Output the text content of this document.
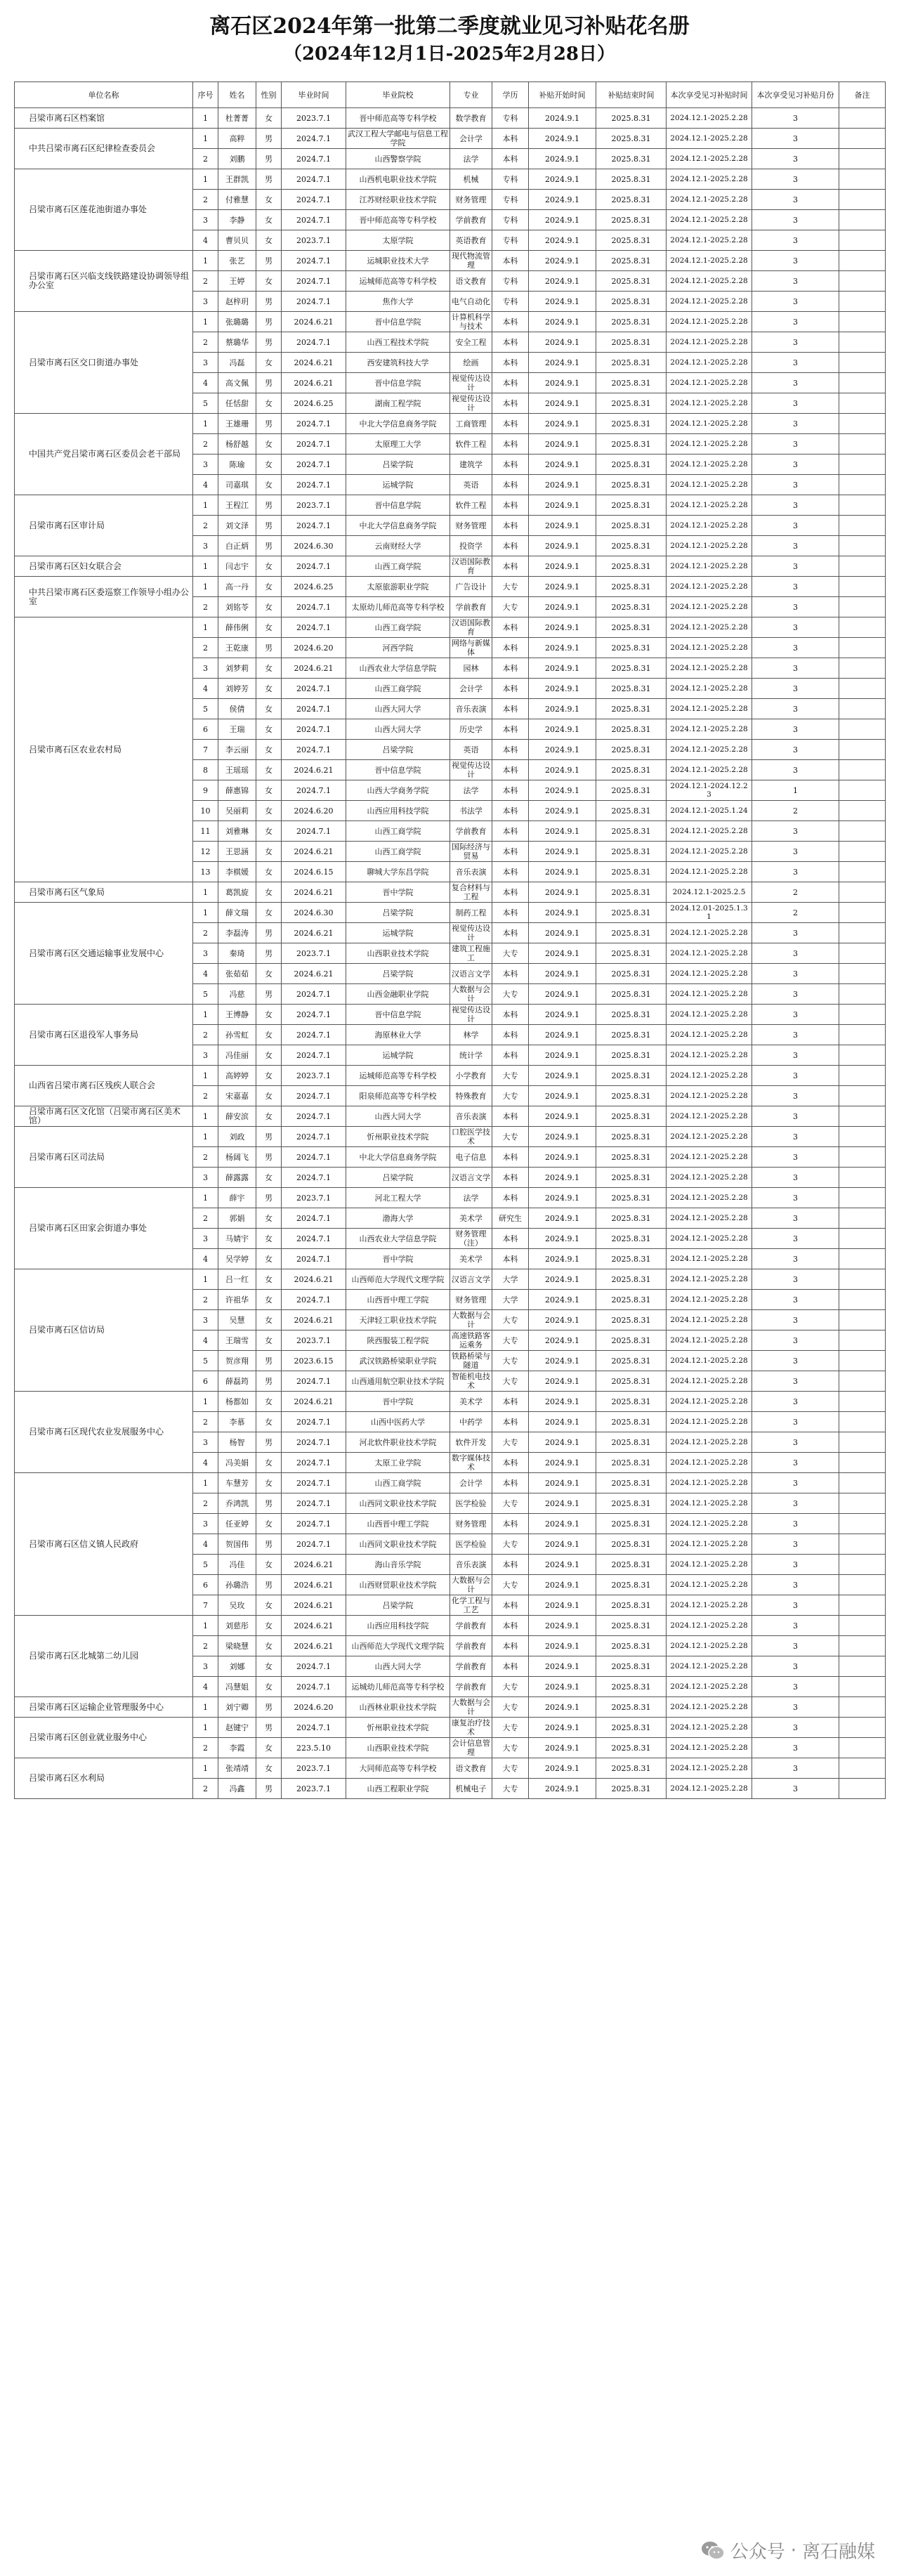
离石区2024年第一批第二季度就业见习补贴花名册
（2024年12月1日-2025年2月28日）
单位名称	序号	姓名	性别	毕业时间	毕业院校	专业	学历	补贴开始时间	补贴结束时间	本次享受见习补贴时间	本次享受见习补贴月份	备注
吕梁市离石区档案馆	1	杜菁菁	女	2023.7.1	晋中师范高等专科学校	数学教育	专科	2024.9.1	2025.8.31	2024.12.1-2025.2.28	3	
中共吕梁市离石区纪律检查委员会	1	高粹	男	2024.7.1	武汉工程大学邮电与信息工程学院	会计学	本科	2024.9.1	2025.8.31	2024.12.1-2025.2.28	3	
	2	刘鹏	男	2024.7.1	山西警察学院	法学	本科	2024.9.1	2025.8.31	2024.12.1-2025.2.28	3	
吕梁市离石区莲花池街道办事处	1	王群凯	男	2024.7.1	山西机电职业技术学院	机械	专科	2024.9.1	2025.8.31	2024.12.1-2025.2.28	3	
	2	付雅慧	女	2024.7.1	江苏财经职业技术学院	财务管理	专科	2024.9.1	2025.8.31	2024.12.1-2025.2.28	3	
	3	李静	女	2024.7.1	晋中师范高等专科学校	学前教育	专科	2024.9.1	2025.8.31	2024.12.1-2025.2.28	3	
	4	曹贝贝	女	2023.7.1	太原学院	英语教育	专科	2024.9.1	2025.8.31	2024.12.1-2025.2.28	3	
吕梁市离石区兴临支线铁路建设协调领导组办公室	1	张艺	男	2024.7.1	运城职业技术大学	现代物流管理	本科	2024.9.1	2025.8.31	2024.12.1-2025.2.28	3	
	2	王婷	女	2024.7.1	运城师范高等专科学校	语文教育	专科	2024.9.1	2025.8.31	2024.12.1-2025.2.28	3	
	3	赵梓玥	男	2024.7.1	焦作大学	电气自动化	专科	2024.9.1	2025.8.31	2024.12.1-2025.2.28	3	
吕梁市离石区交口街道办事处	1	张璐璐	男	2024.6.21	晋中信息学院	计算机科学与技术	本科	2024.9.1	2025.8.31	2024.12.1-2025.2.28	3	
	2	蔡璐华	男	2024.7.1	山西工程技术学院	安全工程	本科	2024.9.1	2025.8.31	2024.12.1-2025.2.28	3	
	3	冯磊	女	2024.6.21	西安建筑科技大学	绘画	本科	2024.9.1	2025.8.31	2024.12.1-2025.2.28	3	
	4	高文佩	男	2024.6.21	晋中信息学院	视觉传达设计	本科	2024.9.1	2025.8.31	2024.12.1-2025.2.28	3	
	5	任恬甜	女	2024.6.25	湖南工程学院	视觉传达设计	本科	2024.9.1	2025.8.31	2024.12.1-2025.2.28	3	
中国共产党吕梁市离石区委员会老干部局	1	王雄珊	男	2024.7.1	中北大学信息商务学院	工商管理	本科	2024.9.1	2025.8.31	2024.12.1-2025.2.28	3	
	2	杨舒越	女	2024.7.1	太原理工大学	软件工程	本科	2024.9.1	2025.8.31	2024.12.1-2025.2.28	3	
	3	陈瑜	女	2024.7.1	吕梁学院	建筑学	本科	2024.9.1	2025.8.31	2024.12.1-2025.2.28	3	
	4	司嘉琪	女	2024.7.1	运城学院	英语	本科	2024.9.1	2025.8.31	2024.12.1-2025.2.28	3	
吕梁市离石区审计局	1	王程江	男	2023.7.1	晋中信息学院	软件工程	本科	2024.9.1	2025.8.31	2024.12.1-2025.2.28	3	
	2	刘文泽	男	2024.7.1	中北大学信息商务学院	财务管理	本科	2024.9.1	2025.8.31	2024.12.1-2025.2.28	3	
	3	白正炳	男	2024.6.30	云南财经大学	投资学	本科	2024.9.1	2025.8.31	2024.12.1-2025.2.28	3	
吕梁市离石区妇女联合会	1	闫志宇	女	2024.7.1	山西工商学院	汉语国际教育	本科	2024.9.1	2025.8.31	2024.12.1-2025.2.28	3	
中共吕梁市离石区委巡察工作领导小组办公室	1	高一丹	女	2024.6.25	太原旅游职业学院	广告设计	大专	2024.9.1	2025.8.31	2024.12.1-2025.2.28	3	
	2	刘铭苓	女	2024.7.1	太原幼儿师范高等专科学校	学前教育	大专	2024.9.1	2025.8.31	2024.12.1-2025.2.28	3	
吕梁市离石区农业农村局	1	薛伟俐	女	2024.7.1	山西工商学院	汉语国际教育	本科	2024.9.1	2025.8.31	2024.12.1-2025.2.28	3	
	2	王乾康	男	2024.6.20	河西学院	网络与新媒体	本科	2024.9.1	2025.8.31	2024.12.1-2025.2.28	3	
	3	刘梦莉	女	2024.6.21	山西农业大学信息学院	园林	本科	2024.9.1	2025.8.31	2024.12.1-2025.2.28	3	
	4	刘婷芳	女	2024.7.1	山西工商学院	会计学	本科	2024.9.1	2025.8.31	2024.12.1-2025.2.28	3	
	5	侯倩	女	2024.7.1	山西大同大学	音乐表演	本科	2024.9.1	2025.8.31	2024.12.1-2025.2.28	3	
	6	王瑞	女	2024.7.1	山西大同大学	历史学	本科	2024.9.1	2025.8.31	2024.12.1-2025.2.28	3	
	7	李云丽	女	2024.7.1	吕梁学院	英语	本科	2024.9.1	2025.8.31	2024.12.1-2025.2.28	3	
	8	王瑶瑶	女	2024.6.21	晋中信息学院	视觉传达设计	本科	2024.9.1	2025.8.31	2024.12.1-2025.2.28	3	
	9	薛惠锦	女	2024.7.1	山西大学商务学院	法学	本科	2024.9.1	2025.8.31	2024.12.1-2024.12.23	1	
	10	吴丽莉	女	2024.6.20	山西应用科技学院	书法学	本科	2024.9.1	2025.8.31	2024.12.1-2025.1.24	2	
	11	刘雅琳	女	2024.7.1	山西工商学院	学前教育	本科	2024.9.1	2025.8.31	2024.12.1-2025.2.28	3	
	12	王思涵	女	2024.6.21	山西工商学院	国际经济与贸易	本科	2024.9.1	2025.8.31	2024.12.1-2025.2.28	3	
	13	李棋媛	女	2024.6.15	聊城大学东昌学院	音乐表演	本科	2024.9.1	2025.8.31	2024.12.1-2025.2.28	3	
吕梁市离石区气象局	1	葛凯旋	女	2024.6.21	晋中学院	复合材料与工程	本科	2024.9.1	2025.8.31	2024.12.1-2025.2.5	2	
吕梁市离石区交通运输事业发展中心	1	薛文瑞	女	2024.6.30	吕梁学院	制药工程	本科	2024.9.1	2025.8.31	2024.12.01-2025.1.31	2	
	2	李磊涛	男	2024.6.21	运城学院	视觉传达设计	本科	2024.9.1	2025.8.31	2024.12.1-2025.2.28	3	
	3	秦琦	男	2023.7.1	山西职业技术学院	建筑工程施工	大专	2024.9.1	2025.8.31	2024.12.1-2025.2.28	3	
	4	张茹茹	女	2024.6.21	吕梁学院	汉语言文学	本科	2024.9.1	2025.8.31	2024.12.1-2025.2.28	3	
	5	冯慈	男	2024.7.1	山西金融职业学院	大数据与会计	大专	2024.9.1	2025.8.31	2024.12.1-2025.2.28	3	
吕梁市离石区退役军人事务局	1	王博静	女	2024.7.1	晋中信息学院	视觉传达设计	本科	2024.9.1	2025.8.31	2024.12.1-2025.2.28	3	
	2	孙雪虹	女	2024.7.1	海原林业大学	林学	本科	2024.9.1	2025.8.31	2024.12.1-2025.2.28	3	
	3	冯佳丽	女	2024.7.1	运城学院	统计学	本科	2024.9.1	2025.8.31	2024.12.1-2025.2.28	3	
山西省吕梁市离石区残疾人联合会	1	高婷婷	女	2023.7.1	运城师范高等专科学校	小学教育	大专	2024.9.1	2025.8.31	2024.12.1-2025.2.28	3	
	2	宋嘉嘉	女	2024.7.1	阳泉师范高等专科学校	特殊教育	大专	2024.9.1	2025.8.31	2024.12.1-2025.2.28	3	
吕梁市离石区文化馆（吕梁市离石区美术馆）	1	薛安滨	女	2024.7.1	山西大同大学	音乐表演	本科	2024.9.1	2025.8.31	2024.12.1-2025.2.28	3	
吕梁市离石区司法局	1	刘政	男	2024.7.1	忻州职业技术学院	口腔医学技术	大专	2024.9.1	2025.8.31	2024.12.1-2025.2.28	3	
	2	杨阔飞	男	2024.7.1	中北大学信息商务学院	电子信息	本科	2024.9.1	2025.8.31	2024.12.1-2025.2.28	3	
	3	薛露露	女	2024.7.1	吕梁学院	汉语言文学	本科	2024.9.1	2025.8.31	2024.12.1-2025.2.28	3	
吕梁市离石区田家会街道办事处	1	薛宇	男	2023.7.1	河北工程大学	法学	本科	2024.9.1	2025.8.31	2024.12.1-2025.2.28	3	
	2	郭娟	女	2024.7.1	渤海大学	美术学	研究生	2024.9.1	2025.8.31	2024.12.1-2025.2.28	3	
	3	马婧宇	女	2024.7.1	山西农业大学信息学院	财务管理（注）	本科	2024.9.1	2025.8.31	2024.12.1-2025.2.28	3	
	4	吴学婷	女	2024.7.1	晋中学院	美术学	本科	2024.9.1	2025.8.31	2024.12.1-2025.2.28	3	
吕梁市离石区信访局	1	吕一红	女	2024.6.21	山西师范大学现代文理学院	汉语言文学	大学	2024.9.1	2025.8.31	2024.12.1-2025.2.28	3	
	2	许祖华	女	2024.7.1	山西晋中理工学院	财务管理	大学	2024.9.1	2025.8.31	2024.12.1-2025.2.28	3	
	3	吴慧	女	2024.6.21	天津轻工职业技术学院	大数据与会计	大专	2024.9.1	2025.8.31	2024.12.1-2025.2.28	3	
	4	王瑞雪	女	2023.7.1	陕西服装工程学院	高速铁路客运乘务	大专	2024.9.1	2025.8.31	2024.12.1-2025.2.28	3	
	5	贺彦翔	男	2023.6.15	武汉铁路桥梁职业学院	铁路桥梁与隧道	大专	2024.9.1	2025.8.31	2024.12.1-2025.2.28	3	
	6	薛磊筠	男	2024.7.1	山西通用航空职业技术学院	智能机电技术	大专	2024.9.1	2025.8.31	2024.12.1-2025.2.28	3	
吕梁市离石区现代农业发展服务中心	1	杨都如	女	2024.6.21	晋中学院	美术学	本科	2024.9.1	2025.8.31	2024.12.1-2025.2.28	3	
	2	李慕	女	2024.7.1	山西中医药大学	中药学	本科	2024.9.1	2025.8.31	2024.12.1-2025.2.28	3	
	3	杨智	男	2024.7.1	河北软件职业技术学院	软件开发	大专	2024.9.1	2025.8.31	2024.12.1-2025.2.28	3	
	4	冯美娟	女	2024.7.1	太原工业学院	数字媒体技术	本科	2024.9.1	2025.8.31	2024.12.1-2025.2.28	3	
吕梁市离石区信义镇人民政府	1	车慧芳	女	2024.7.1	山西工商学院	会计学	本科	2024.9.1	2025.8.31	2024.12.1-2025.2.28	3	
	2	乔鸿凯	男	2024.7.1	山西同文职业技术学院	医学检验	大专	2024.9.1	2025.8.31	2024.12.1-2025.2.28	3	
	3	任亚婷	女	2024.7.1	山西晋中理工学院	财务管理	本科	2024.9.1	2025.8.31	2024.12.1-2025.2.28	3	
	4	贺国伟	男	2024.7.1	山西同文职业技术学院	医学检验	大专	2024.9.1	2025.8.31	2024.12.1-2025.2.28	3	
	5	冯佳	女	2024.6.21	海山音乐学院	音乐表演	本科	2024.9.1	2025.8.31	2024.12.1-2025.2.28	3	
	6	孙璐浩	男	2024.6.21	山西财贸职业技术学院	大数据与会计	大专	2024.9.1	2025.8.31	2024.12.1-2025.2.28	3	
	7	吴玫	女	2024.6.21	吕梁学院	化学工程与工艺	本科	2024.9.1	2025.8.31	2024.12.1-2025.2.28	3	
吕梁市离石区北城第二幼儿园	1	刘慈彤	女	2024.6.21	山西应用科技学院	学前教育	本科	2024.9.1	2025.8.31	2024.12.1-2025.2.28	3	
	2	梁晓慧	女	2024.6.21	山西师范大学现代文理学院	学前教育	本科	2024.9.1	2025.8.31	2024.12.1-2025.2.28	3	
	3	刘娜	女	2024.7.1	山西大同大学	学前教育	本科	2024.9.1	2025.8.31	2024.12.1-2025.2.28	3	
	4	冯慧姐	女	2024.7.1	运城幼儿师范高等专科学校	学前教育	大专	2024.9.1	2025.8.31	2024.12.1-2025.2.28	3	
吕梁市离石区运输企业管理服务中心	1	刘宁卿	男	2024.6.20	山西林业职业技术学院	大数据与会计	大专	2024.9.1	2025.8.31	2024.12.1-2025.2.28	3	
吕梁市离石区创业就业服务中心	1	赵键宁	男	2024.7.1	忻州职业技术学院	康复治疗技术	大专	2024.9.1	2025.8.31	2024.12.1-2025.2.28	3	
	2	李霞	女	223.5.10	山西职业技术学院	会计信息管理	大专	2024.9.1	2025.8.31	2024.12.1-2025.2.28	3	
吕梁市离石区水利局	1	张靖靖	女	2023.7.1	大同师范高等专科学校	语文教育	大专	2024.9.1	2025.8.31	2024.12.1-2025.2.28	3	
	2	冯鑫	男	2023.7.1	山西工程职业学院	机械电子	大专	2024.9.1	2025.8.31	2024.12.1-2025.2.28	3	
公众号 · 离石融媒
